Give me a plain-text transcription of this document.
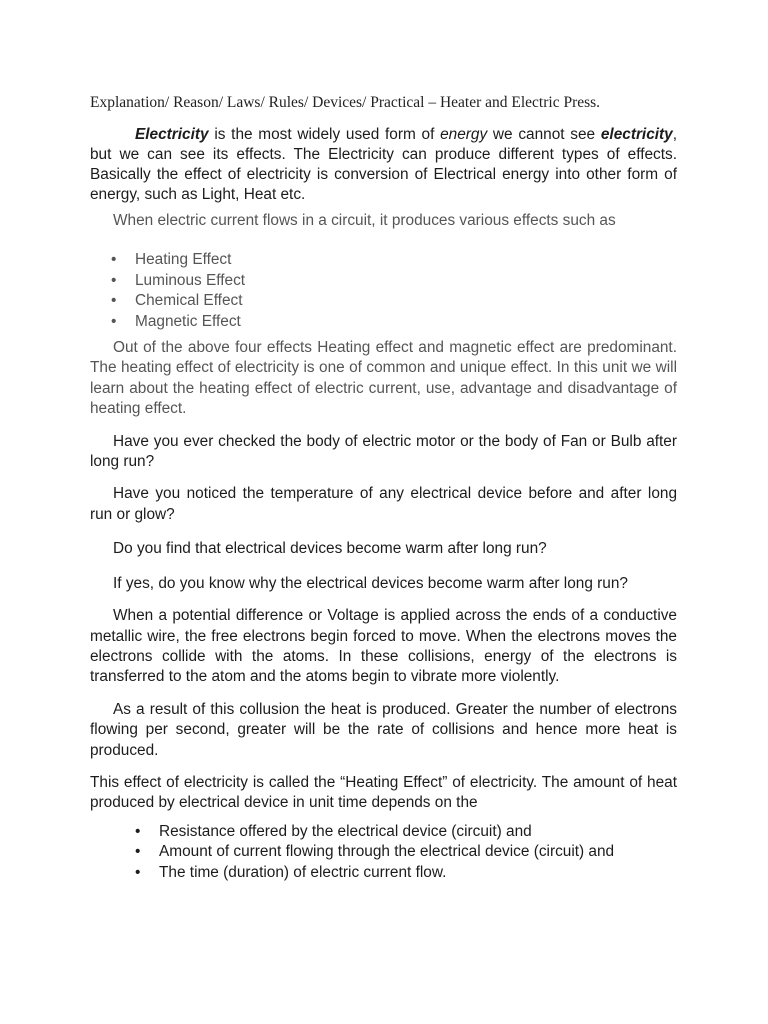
Explanation/ Reason/ Laws/ Rules/ Devices/ Practical – Heater and Electric Press.

Electricity is the most widely used form of energy we cannot see electricity, but we can see its effects. The Electricity can produce different types of effects. Basically the effect of electricity is conversion of Electrical energy into other form of energy, such as Light, Heat etc.

When electric current flows in a circuit, it produces various effects such as

• Heating Effect
• Luminous Effect
• Chemical Effect
• Magnetic Effect

Out of the above four effects Heating effect and magnetic effect are predominant. The heating effect of electricity is one of common and unique effect. In this unit we will learn about the heating effect of electric current, use, advantage and disadvantage of heating effect.

Have you ever checked the body of electric motor or the body of Fan or Bulb after long run?

Have you noticed the temperature of any electrical device before and after long run or glow?

Do you find that electrical devices become warm after long run?

If yes, do you know why the electrical devices become warm after long run?

When a potential difference or Voltage is applied across the ends of a conductive metallic wire, the free electrons begin forced to move. When the electrons moves the electrons collide with the atoms. In these collisions, energy of the electrons is transferred to the atom and the atoms begin to vibrate more violently.

As a result of this collusion the heat is produced. Greater the number of electrons flowing per second, greater will be the rate of collisions and hence more heat is produced.

This effect of electricity is called the “Heating Effect” of electricity. The amount of heat produced by electrical device in unit time depends on the

• Resistance offered by the electrical device (circuit) and
• Amount of current flowing through the electrical device (circuit) and
• The time (duration) of electric current flow.
